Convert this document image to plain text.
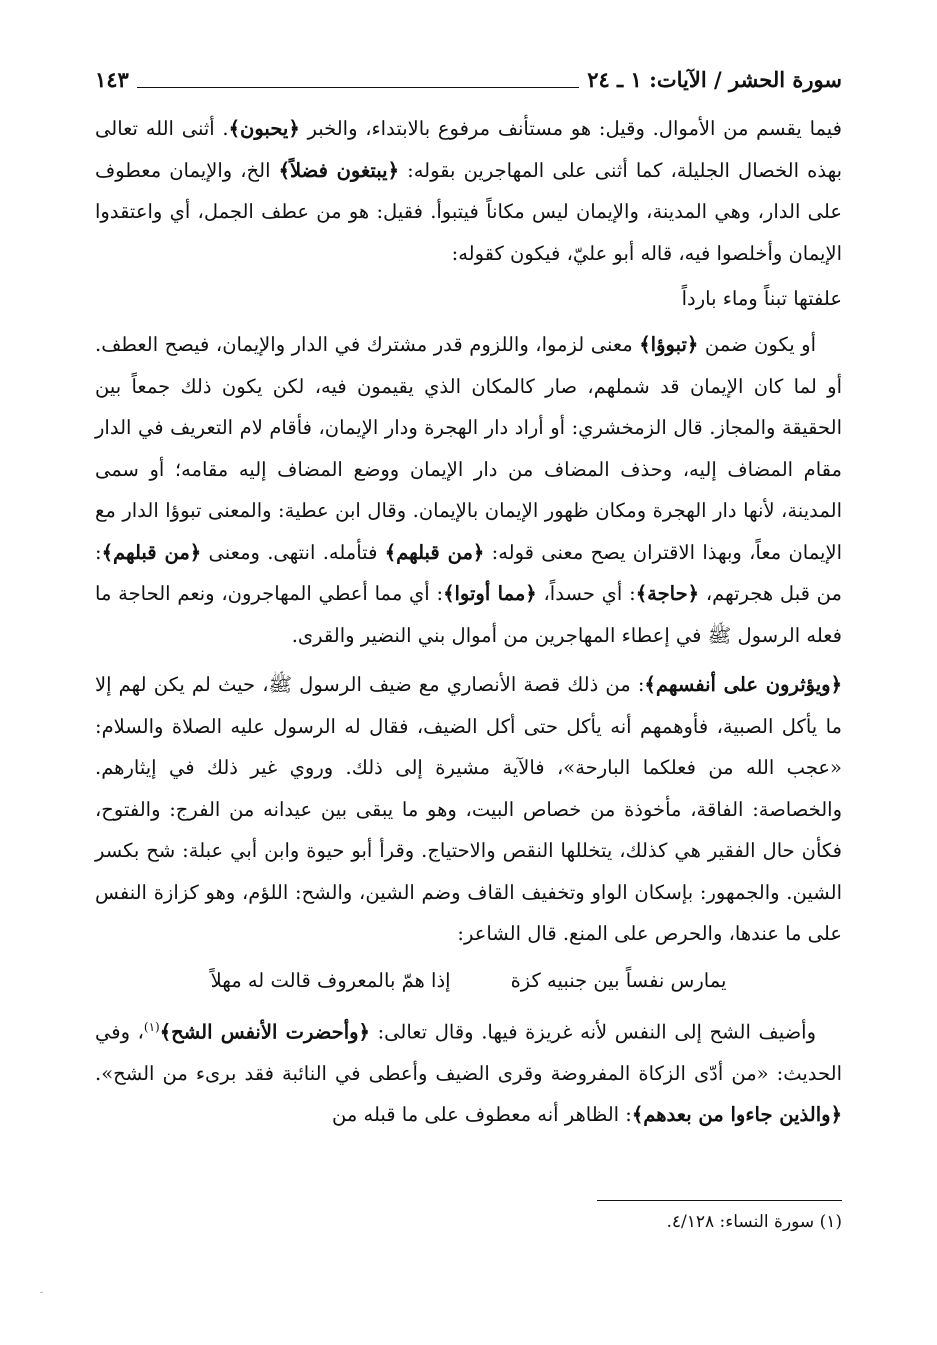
سورة الحشر / الآيات: ١ ـ ٢٤
١٤٣

فيما يقسم من الأموال. وقيل: هو مستأنف مرفوع بالابتداء، والخبر ﴿يحبون﴾. أثنى الله تعالى بهذه الخصال الجليلة، كما أثنى على المهاجرين بقوله: ﴿يبتغون فضلاً﴾ الخ، والإيمان معطوف على الدار، وهي المدينة، والإيمان ليس مكاناً فيتبوأ. فقيل: هو من عطف الجمل، أي واعتقدوا الإيمان وأخلصوا فيه، قاله أبو عليّ، فيكون كقوله:

علفتها تبناً وماء بارداً

أو يكون ضمن ﴿تبوؤا﴾ معنى لزموا، واللزوم قدر مشترك في الدار والإيمان، فيصح العطف. أو لما كان الإيمان قد شملهم، صار كالمكان الذي يقيمون فيه، لكن يكون ذلك جمعاً بين الحقيقة والمجاز. قال الزمخشري: أو أراد دار الهجرة ودار الإيمان، فأقام لام التعريف في الدار مقام المضاف إليه، وحذف المضاف من دار الإيمان ووضع المضاف إليه مقامه؛ أو سمى المدينة، لأنها دار الهجرة ومكان ظهور الإيمان بالإيمان. وقال ابن عطية: والمعنى تبوؤا الدار مع الإيمان معاً، وبهذا الاقتران يصح معنى قوله: ﴿من قبلهم﴾ فتأمله. انتهى. ومعنى ﴿من قبلهم﴾: من قبل هجرتهم، ﴿حاجة﴾: أي حسداً، ﴿مما أوتوا﴾: أي مما أعطي المهاجرون، ونعم الحاجة ما فعله الرسول ﷺ في إعطاء المهاجرين من أموال بني النضير والقرى.

﴿ويؤثرون على أنفسهم﴾: من ذلك قصة الأنصاري مع ضيف الرسول ﷺ، حيث لم يكن لهم إلا ما يأكل الصبية، فأوهمهم أنه يأكل حتى أكل الضيف، فقال له الرسول عليه الصلاة والسلام: «عجب الله من فعلكما البارحة»، فالآية مشيرة إلى ذلك. وروي غير ذلك في إيثارهم. والخصاصة: الفاقة، مأخوذة من خصاص البيت، وهو ما يبقى بين عيدانه من الفرج: والفتوح، فكأن حال الفقير هي كذلك، يتخللها النقص والاحتياج. وقرأ أبو حيوة وابن أبي عبلة: شح بكسر الشين. والجمهور: بإسكان الواو وتخفيف القاف وضم الشين، والشح: اللؤم، وهو كزازة النفس على ما عندها، والحرص على المنع. قال الشاعر:

يمارس نفساً بين جنبيه كزة
إذا همّ بالمعروف قالت له مهلاً

وأضيف الشح إلى النفس لأنه غريزة فيها. وقال تعالى: ﴿وأحضرت الأنفس الشح﴾$^{(١)}$، وفي الحديث: «من أدّى الزكاة المفروضة وقرى الضيف وأعطى في النائبة فقد برىء من الشح». ﴿والذين جاءوا من بعدهم﴾: الظاهر أنه معطوف على ما قبله من

(١) سورة النساء: ٤/١٢٨.
